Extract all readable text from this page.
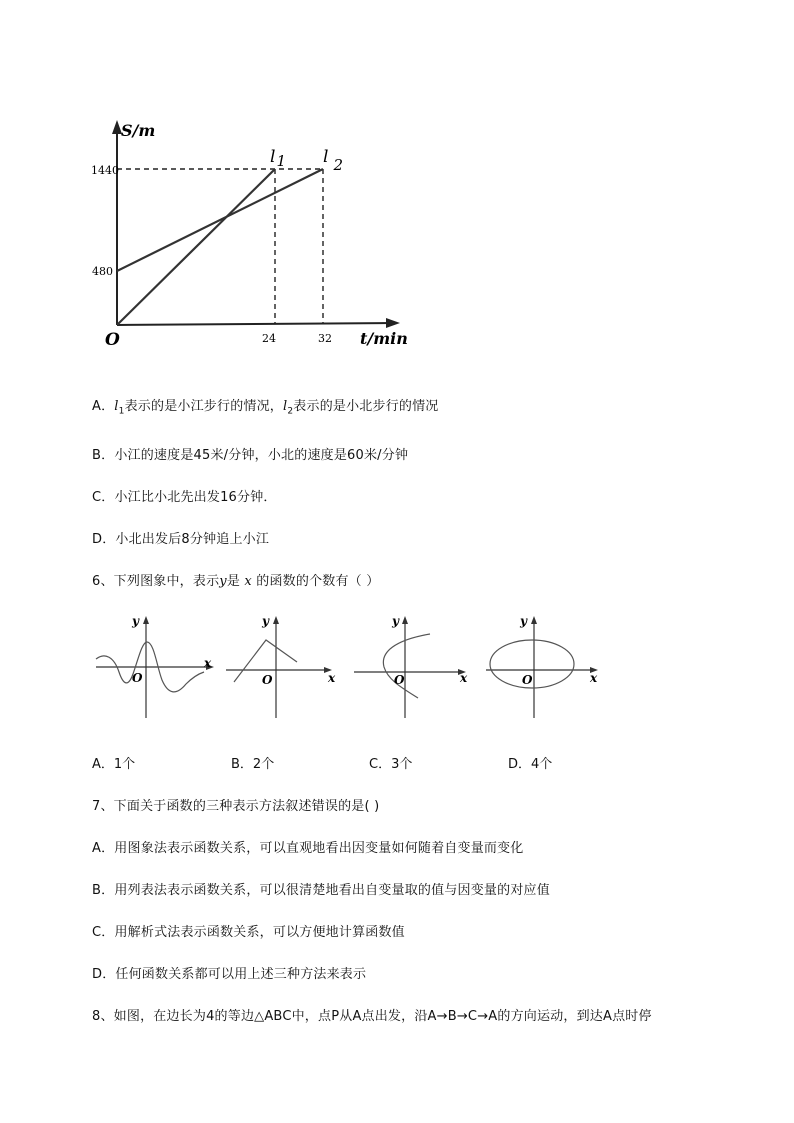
S/m
t/min
O
1440
480
24	32
l1 l 2
A．$l_1$表示的是小江步行的情况，$l_2$表示的是小北步行的情况
B．小江的速度是45米/分钟，小北的速度是60米/分钟
C．小江比小北先出发16分钟．
D．小北出发后8分钟追上小江
6、下列图象中，表示y是 x 的函数的个数有（ ）
y
x
O
y
x
O
y
x
O
y
x
O
A．1个	B．2个	C．3个	D．4个
7、下面关于函数的三种表示方法叙述错误的是( )
A．用图象法表示函数关系，可以直观地看出因变量如何随着自变量而变化
B．用列表法表示函数关系，可以很清楚地看出自变量取的值与因变量的对应值
C．用解析式法表示函数关系，可以方便地计算函数值
D．任何函数关系都可以用上述三种方法来表示
8、如图，在边长为4的等边△ABC中，点P从A点出发，沿A→B→C→A的方向运动，到达A点时停
